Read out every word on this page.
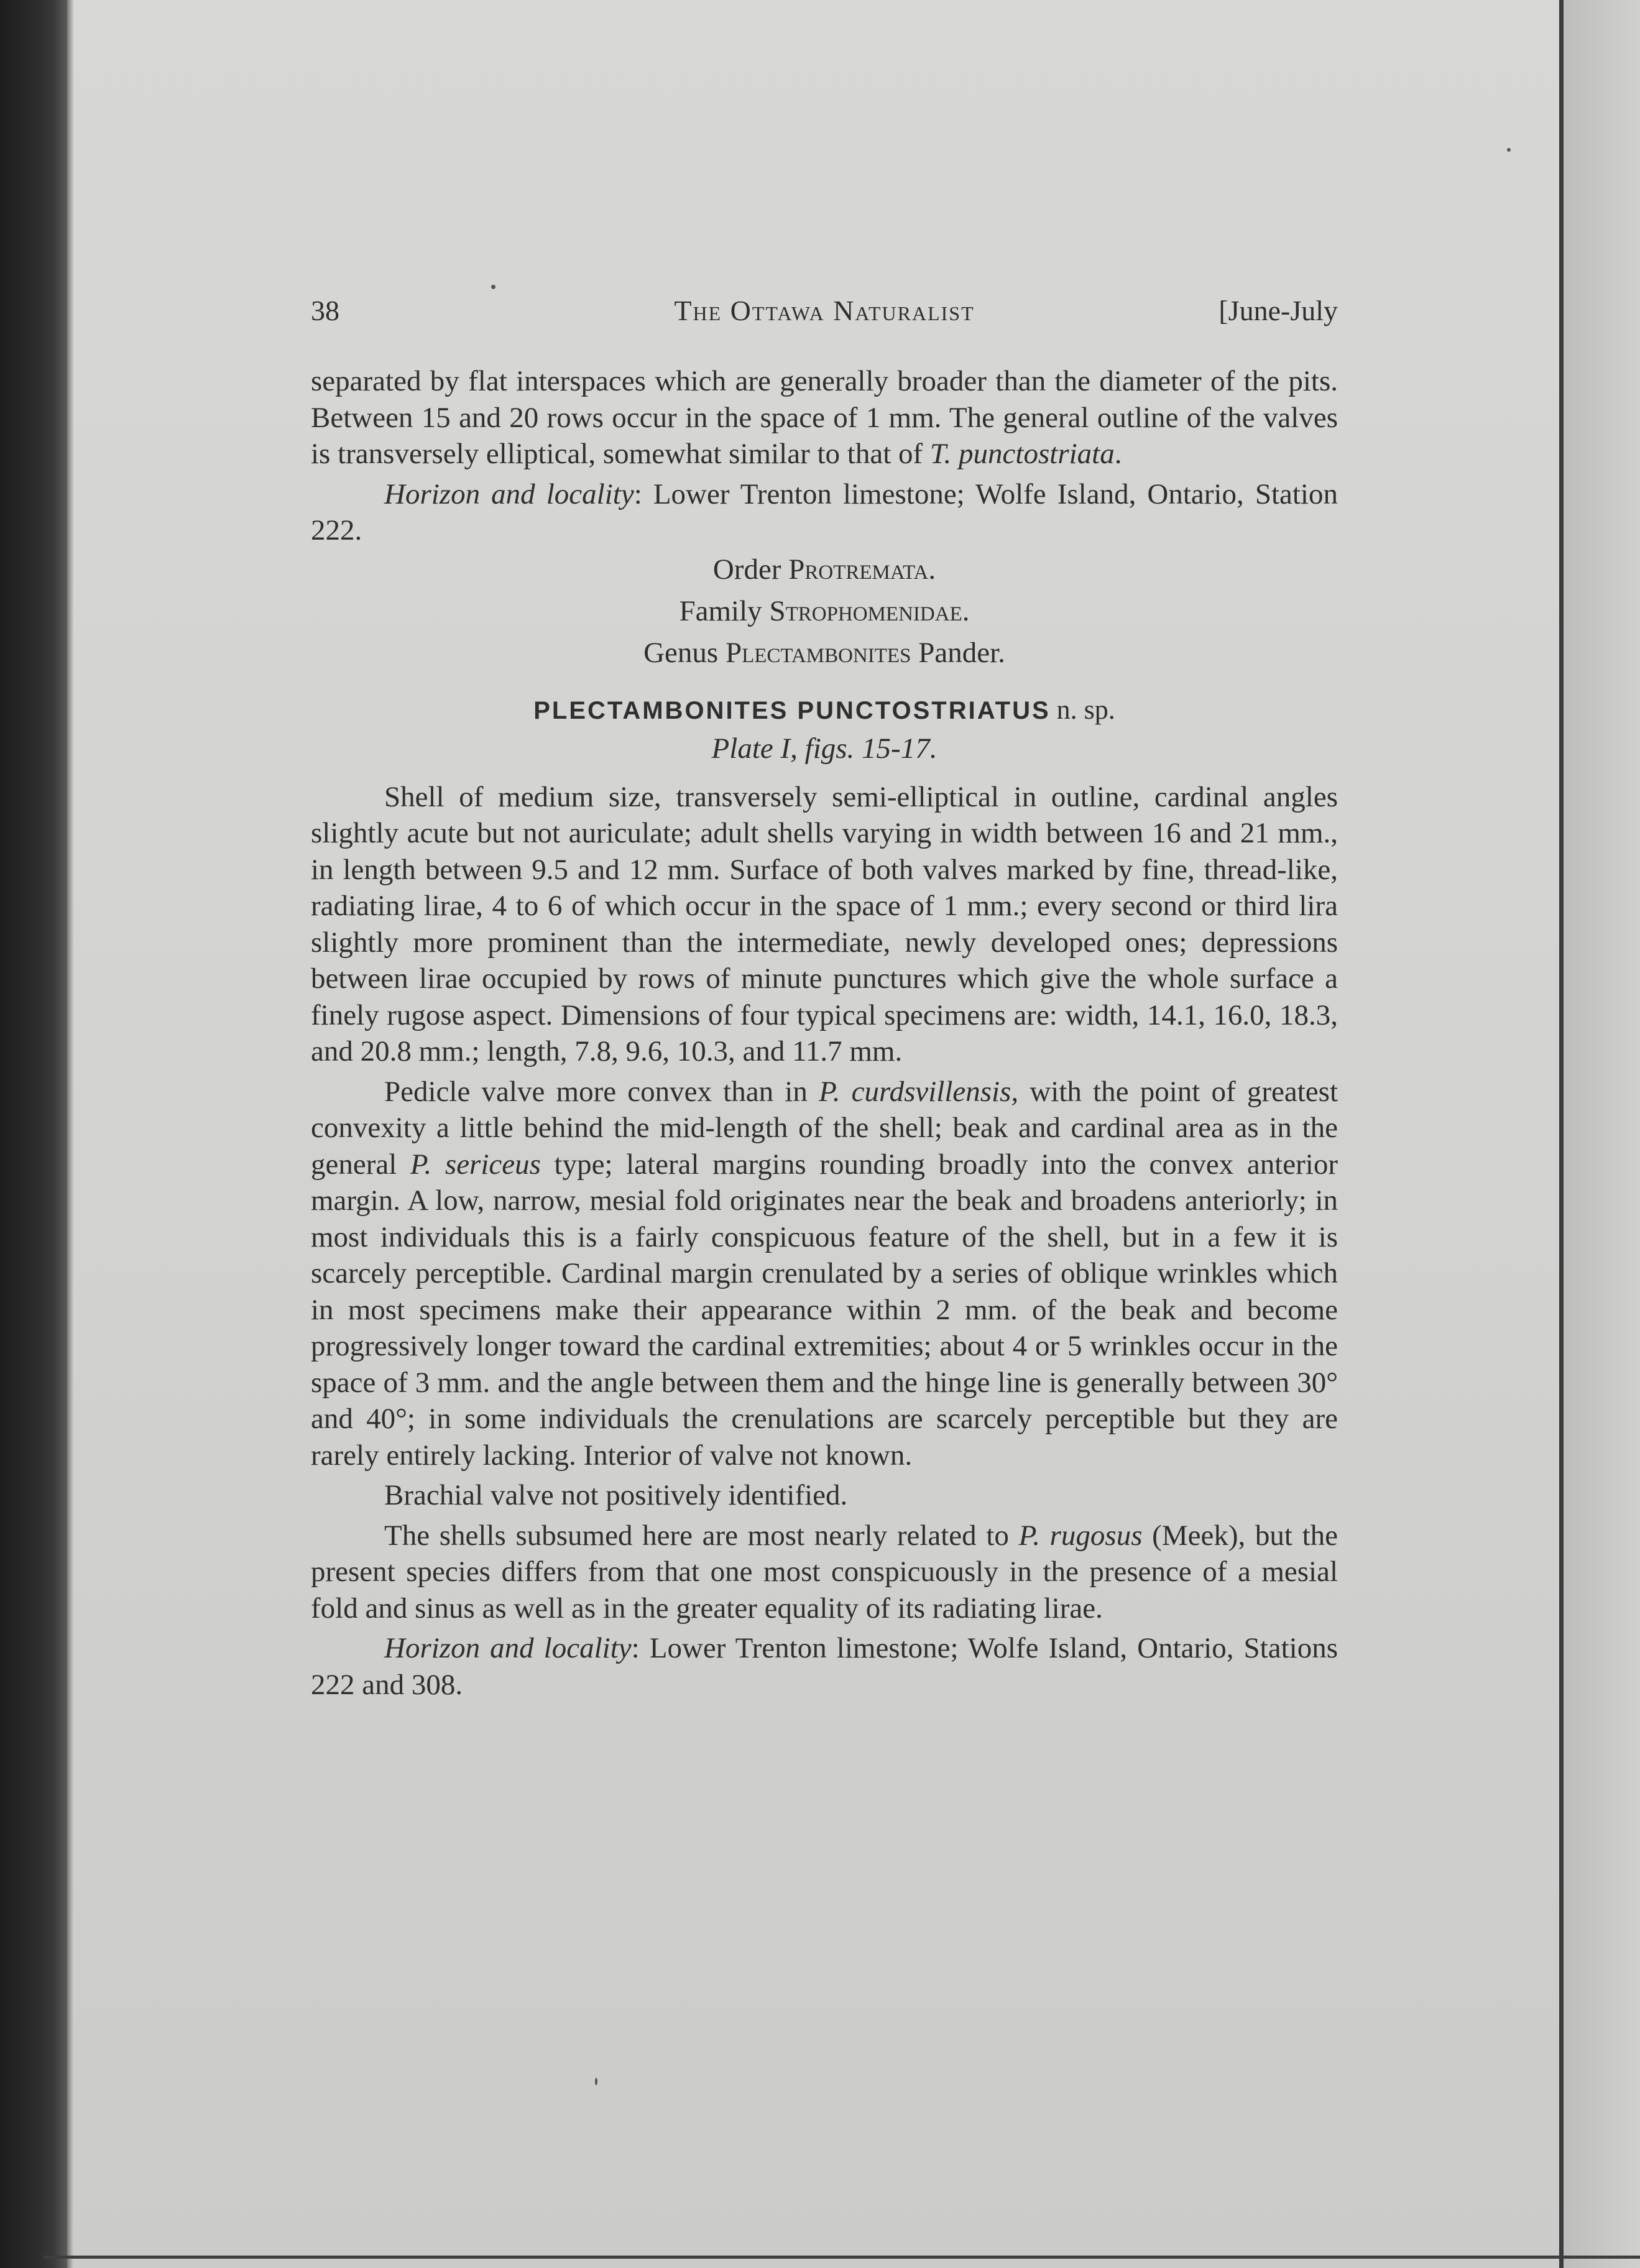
38	The Ottawa Naturalist	[June-July

separated by flat interspaces which are generally broader than the diameter of the pits. Between 15 and 20 rows occur in the space of 1 mm. The general outline of the valves is transversely elliptical, somewhat similar to that of T. punctostriata.

Horizon and locality: Lower Trenton limestone; Wolfe Island, Ontario, Station 222.

Order Protremata.
Family Strophomenidae.
Genus Plectambonites Pander.
PLECTAMBONITES PUNCTOSTRIATUS n. sp.
Plate I, figs. 15-17.

Shell of medium size, transversely semi-elliptical in outline, cardinal angles slightly acute but not auriculate; adult shells varying in width between 16 and 21 mm., in length between 9.5 and 12 mm. Surface of both valves marked by fine, thread-like, radiating lirae, 4 to 6 of which occur in the space of 1 mm.; every second or third lira slightly more prominent than the intermediate, newly developed ones; depressions between lirae occupied by rows of minute punctures which give the whole surface a finely rugose aspect. Dimensions of four typical specimens are: width, 14.1, 16.0, 18.3, and 20.8 mm.; length, 7.8, 9.6, 10.3, and 11.7 mm.

Pedicle valve more convex than in P. curdsvillensis, with the point of greatest convexity a little behind the mid-length of the shell; beak and cardinal area as in the general P. sericeus type; lateral margins rounding broadly into the convex anterior margin. A low, narrow, mesial fold originates near the beak and broadens anteriorly; in most individuals this is a fairly conspicuous feature of the shell, but in a few it is scarcely perceptible. Cardinal margin crenulated by a series of oblique wrinkles which in most specimens make their appearance within 2 mm. of the beak and become progressively longer toward the cardinal extremities; about 4 or 5 wrinkles occur in the space of 3 mm. and the angle between them and the hinge line is generally between 30° and 40°; in some individuals the crenulations are scarcely perceptible but they are rarely entirely lacking. Interior of valve not known.

Brachial valve not positively identified.

The shells subsumed here are most nearly related to P. rugosus (Meek), but the present species differs from that one most conspicuously in the presence of a mesial fold and sinus as well as in the greater equality of its radiating lirae.

Horizon and locality: Lower Trenton limestone; Wolfe Island, Ontario, Stations 222 and 308.
